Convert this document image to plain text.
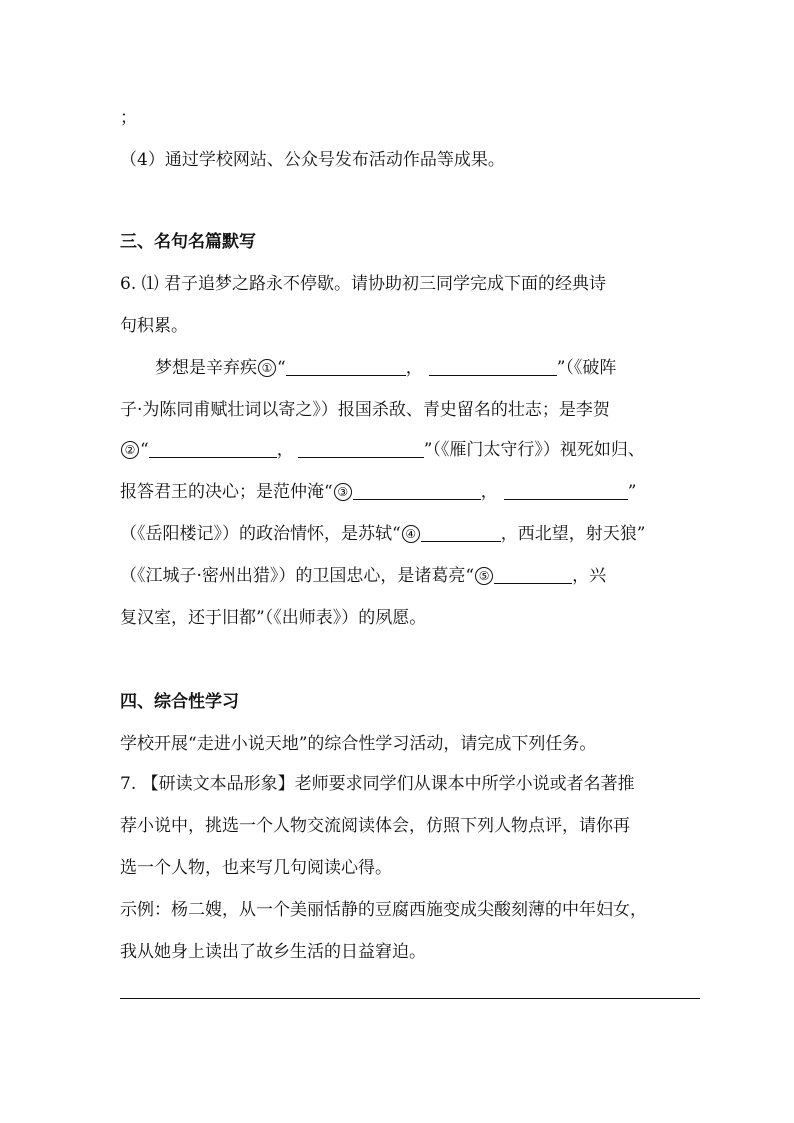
；
（4）通过学校网站、公众号发布活动作品等成果。
三、名句名篇默写
6. ⑴ 君子追梦之路永不停歇。请协助初三同学完成下面的经典诗
句积累。
梦想是辛弃疾 ① “	，	”（《破阵
子·为陈同甫赋壮词以寄之》）报国杀敌、青史留名的壮志；是李贺
② “	，	”（《雁门太守行》）视死如归、
报答君王的决心；是范仲淹“ ③	，	”
（《岳阳楼记》）的政治情怀，是苏轼“ ④	，西北望，射天狼”
（《江城子·密州出猎》）的卫国忠心，是诸葛亮“ ⑤	，兴
复汉室，还于旧都”（《出师表》）的夙愿。
四、综合性学习
学校开展“走进小说天地”的综合性学习活动，请完成下列任务。
7. 【研读文本品形象】老师要求同学们从课本中所学小说或者名著推
荐小说中，挑选一个人物交流阅读体会，仿照下列人物点评，请你再
选一个人物，也来写几句阅读心得。
示例：杨二嫂，从一个美丽恬静的豆腐西施变成尖酸刻薄的中年妇女，
我从她身上读出了故乡生活的日益窘迫。
